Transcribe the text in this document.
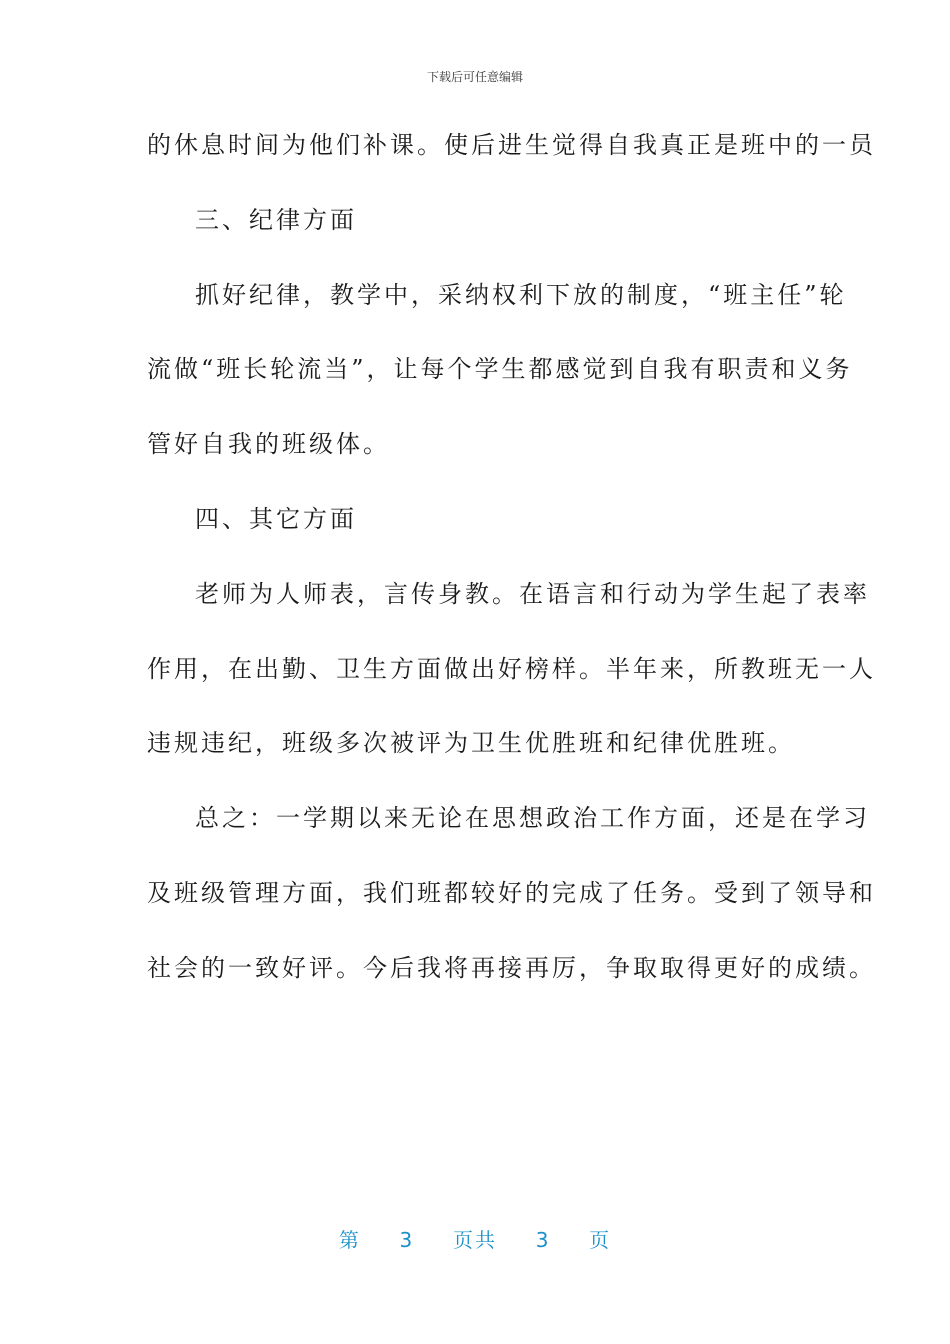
下载后可任意编辑
的休息时间为他们补课。使后进生觉得自我真正是班中的一员
三、纪律方面
抓好纪律，教学中，采纳权利下放的制度，“班主任”轮
流做“班长轮流当”，让每个学生都感觉到自我有职责和义务
管好自我的班级体。
四、其它方面
老师为人师表，言传身教。在语言和行动为学生起了表率
作用，在出勤、卫生方面做出好榜样。半年来，所教班无一人
违规违纪，班级多次被评为卫生优胜班和纪律优胜班。
总之：一学期以来无论在思想政治工作方面，还是在学习
及班级管理方面，我们班都较好的完成了任务。受到了领导和
社会的一致好评。今后我将再接再厉，争取取得更好的成绩。
第 3 页共 3 页
